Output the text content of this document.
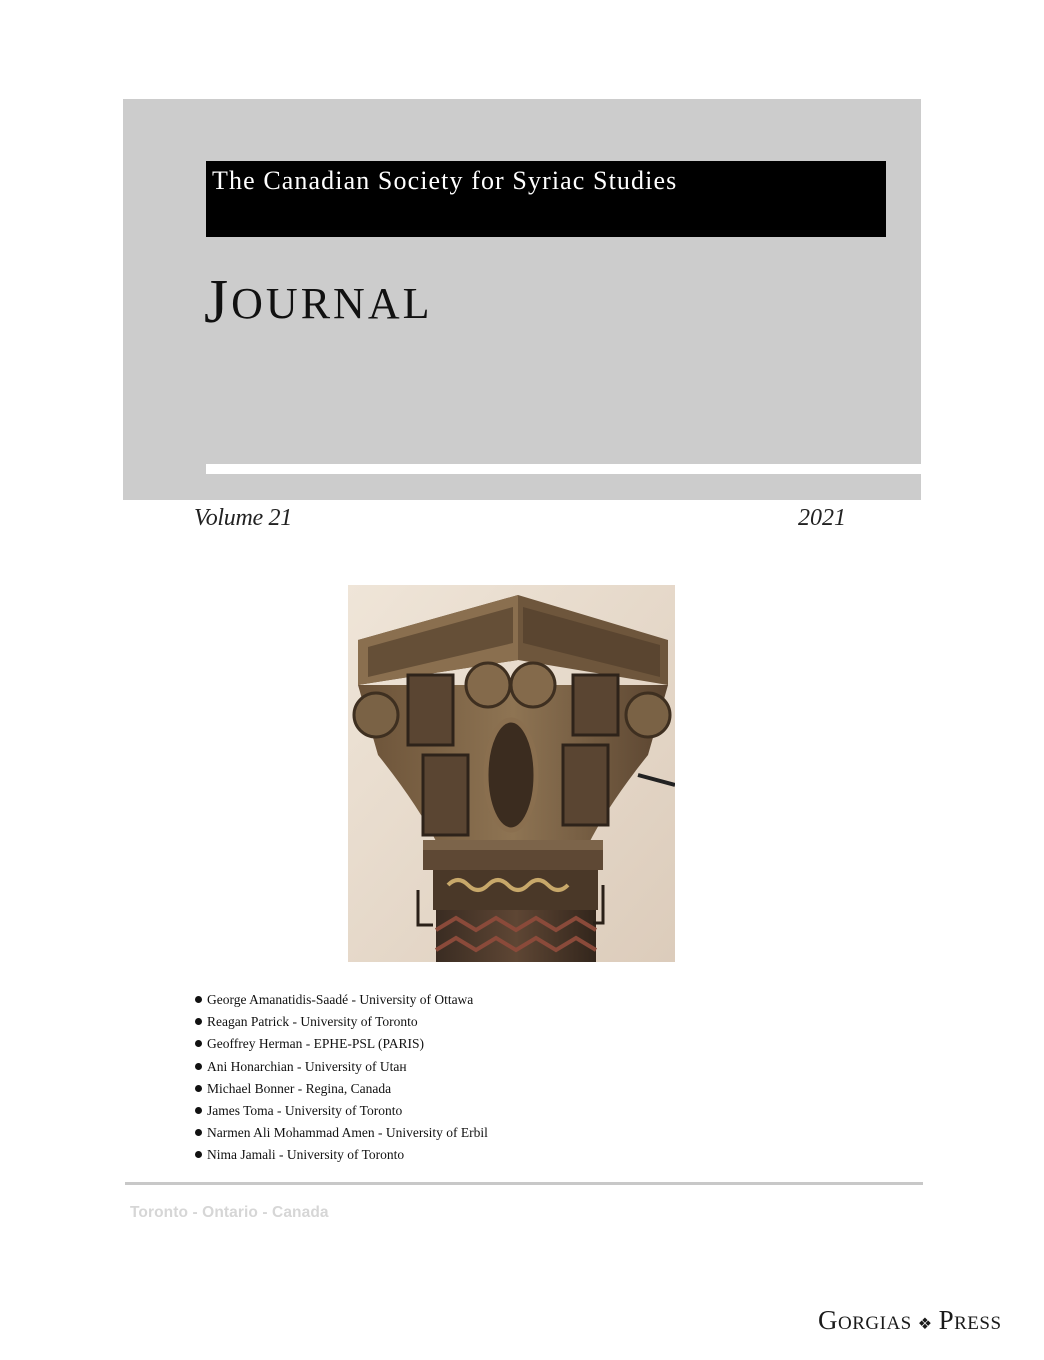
The Canadian Society for Syriac Studies
JOURNAL
Volume 21	2021
George Amanatidis-Saadé - University of Ottawa
Reagan Patrick - University of Toronto
Geoffrey Herman - EPHE-PSL (PARIS)
Ani Honarchian - University of Utaн
Michael Bonner - Regina, Canada
James Toma - University of Toronto
Narmen Ali Mohammad Amen - University of Erbil
Nima Jamali - University of Toronto
Toronto - Ontario - Canada
G ORGIAS ❖ P RESS
